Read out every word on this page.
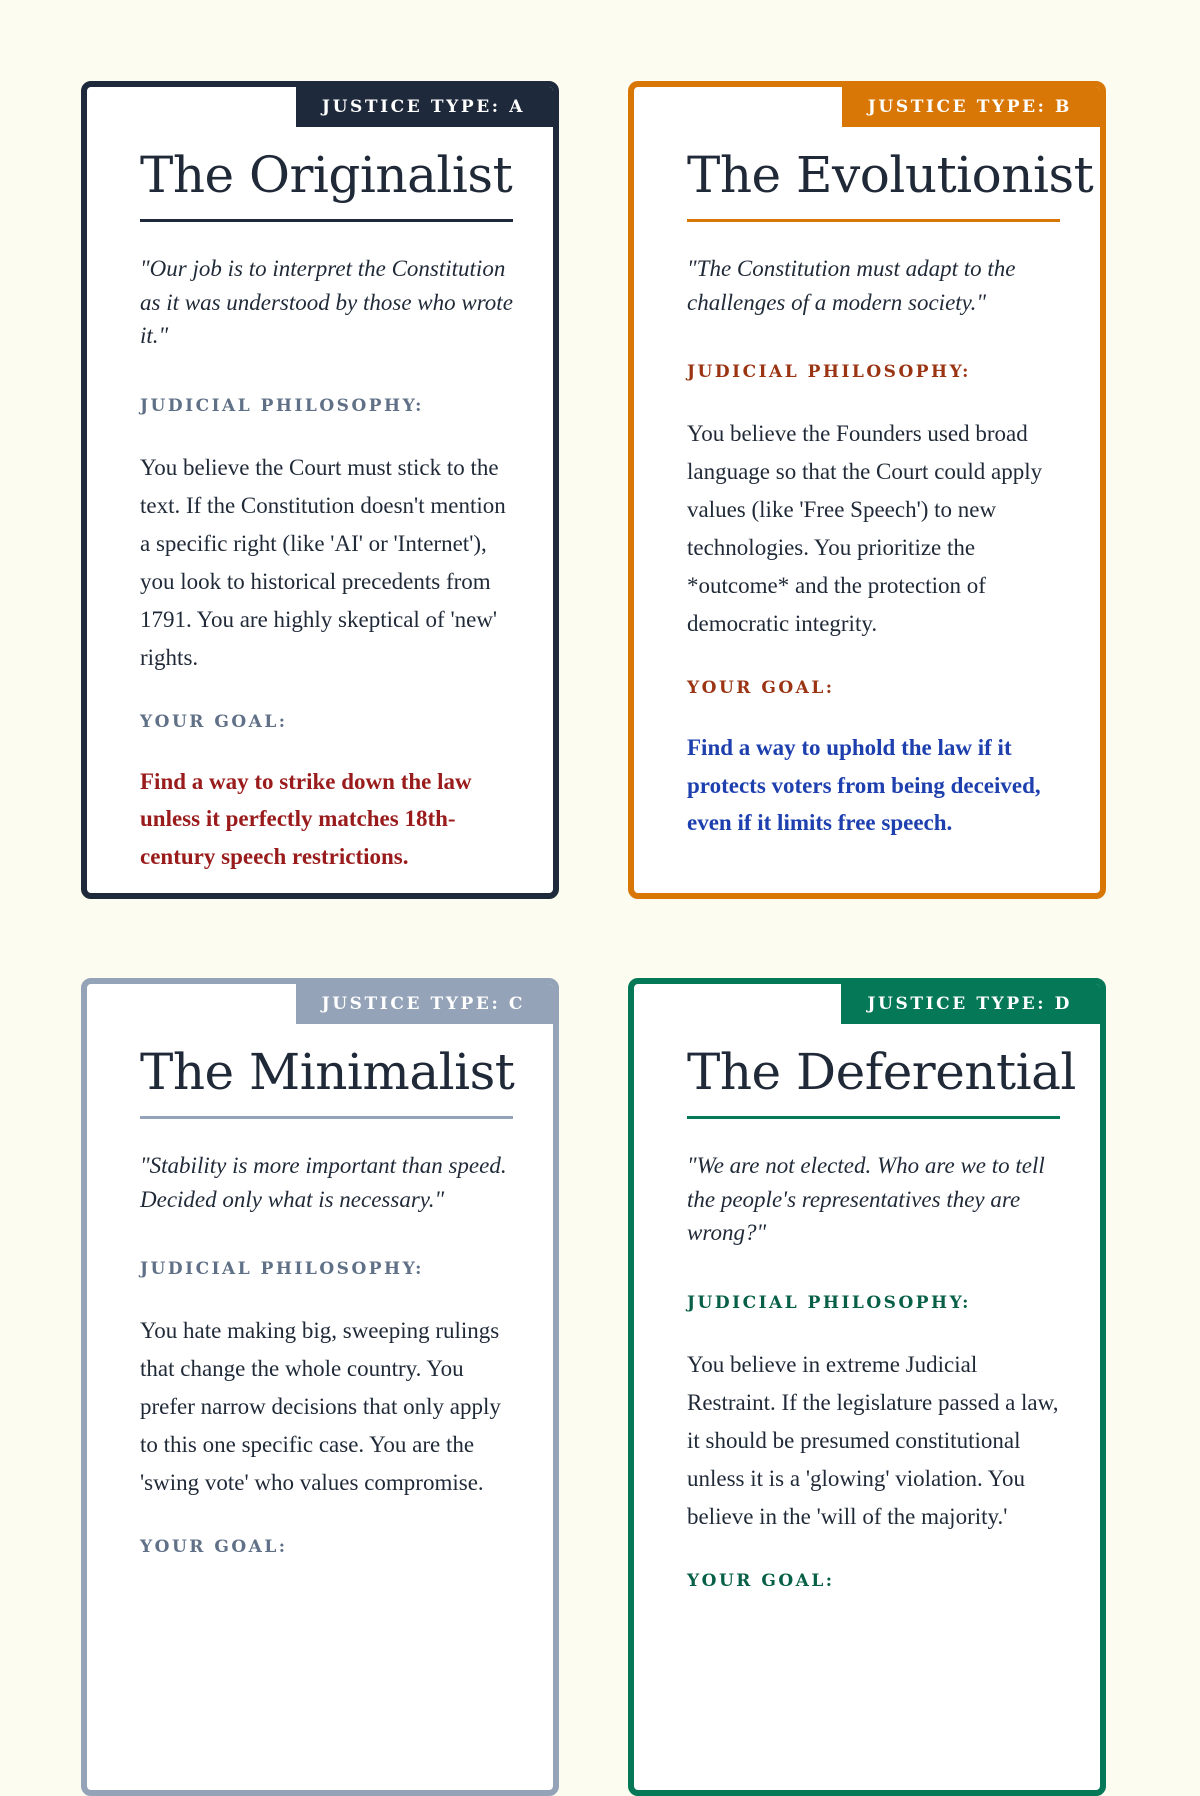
JUSTICE TYPE: A
The Originalist
"Our job is to interpret the Constitution as it was understood by those who wrote it."
JUDICIAL PHILOSOPHY:
You believe the Court must stick to the text. If the Constitution doesn't mention a specific right (like 'AI' or 'Internet'), you look to historical precedents from 1791. You are highly skeptical of 'new' rights.
YOUR GOAL:
Find a way to strike down the law unless it perfectly matches 18th-century speech restrictions.
JUSTICE TYPE: B
The Evolutionist
"The Constitution must adapt to the challenges of a modern society."
JUDICIAL PHILOSOPHY:
You believe the Founders used broad language so that the Court could apply values (like 'Free Speech') to new technologies. You prioritize the *outcome* and the protection of democratic integrity.
YOUR GOAL:
Find a way to uphold the law if it protects voters from being deceived, even if it limits free speech.
JUSTICE TYPE: C
The Minimalist
"Stability is more important than speed. Decided only what is necessary."
JUDICIAL PHILOSOPHY:
You hate making big, sweeping rulings that change the whole country. You prefer narrow decisions that only apply to this one specific case. You are the 'swing vote' who values compromise.
YOUR GOAL:
JUSTICE TYPE: D
The Deferential
"We are not elected. Who are we to tell the people's representatives they are wrong?"
JUDICIAL PHILOSOPHY:
You believe in extreme Judicial Restraint. If the legislature passed a law, it should be presumed constitutional unless it is a 'glowing' violation. You believe in the 'will of the majority.'
YOUR GOAL:
